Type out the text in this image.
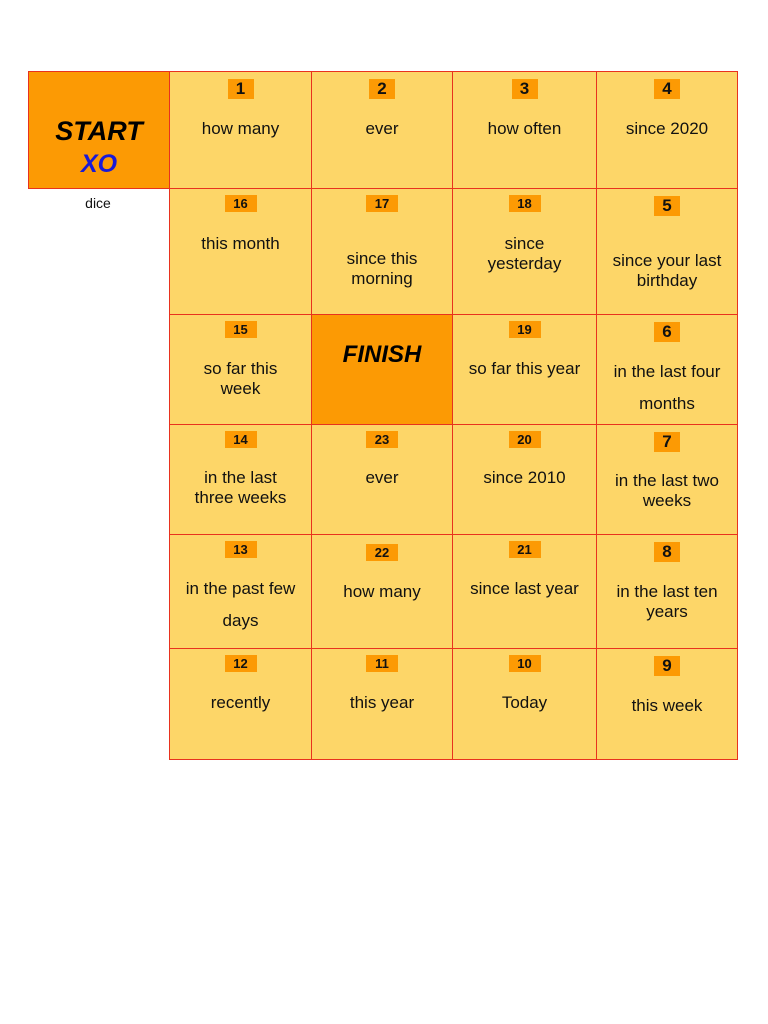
START
XO
dice
1
how many
2
ever
3
how often
4
since 2020
16
this month
17
since this morning
18
since yesterday
5
since your last birthday
15
so far this week
FINISH
19
so far this year
6
in the last four months
14
in the last three weeks
23
ever
20
since 2010
7
in the last two weeks
13
in the past few days
22
how many
21
since last year
8
in the last ten years
12
recently
11
this year
10
Today
9
this week
